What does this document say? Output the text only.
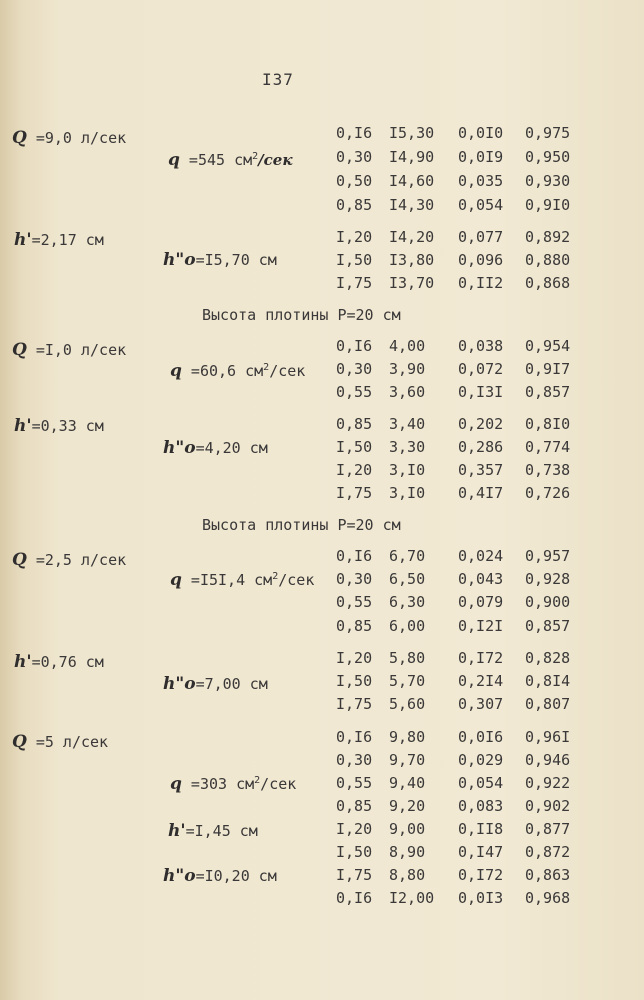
I37
Q =9,0 л/сек
q =545 $см^2$/сек
h'=2,17 см
h"o=I5,70 см
Высота плотины P=20 см
Q =I,0 л/сек
q =60,6 $см^2$/сек
h'=0,33 см
h"o=4,20 см
Высота плотины P=20 см
Q =2,5 л/сек
q =I5I,4 $см^2$/сек
h'=0,76 см
h"o=7,00 см
Q =5 л/сек
q =303 $см^2$/сек
h'=I,45 см
h"o=I0,20 см
0,I6 I5,30 0,0I0 0,975
0,30 I4,90 0,0I9 0,950
0,50 I4,60 0,035 0,930
0,85 I4,30 0,054 0,9I0
I,20 I4,20 0,077 0,892
I,50 I3,80 0,096 0,880
I,75 I3,70 0,II2 0,868
0,I6 4,00 0,038 0,954
0,30 3,90 0,072 0,9I7
0,55 3,60 0,I3I 0,857
0,85 3,40 0,202 0,8I0
I,50 3,30 0,286 0,774
I,20 3,I0 0,357 0,738
I,75 3,I0 0,4I7 0,726
0,I6 6,70 0,024 0,957
0,30 6,50 0,043 0,928
0,55 6,30 0,079 0,900
0,85 6,00 0,I2I 0,857
I,20 5,80 0,I72 0,828
I,50 5,70 0,2I4 0,8I4
I,75 5,60 0,307 0,807
0,I6 9,80 0,0I6 0,96I
0,30 9,70 0,029 0,946
0,55 9,40 0,054 0,922
0,85 9,20 0,083 0,902
I,20 9,00 0,II8 0,877
I,50 8,90 0,I47 0,872
I,75 8,80 0,I72 0,863
0,I6 I2,00 0,0I3 0,968
